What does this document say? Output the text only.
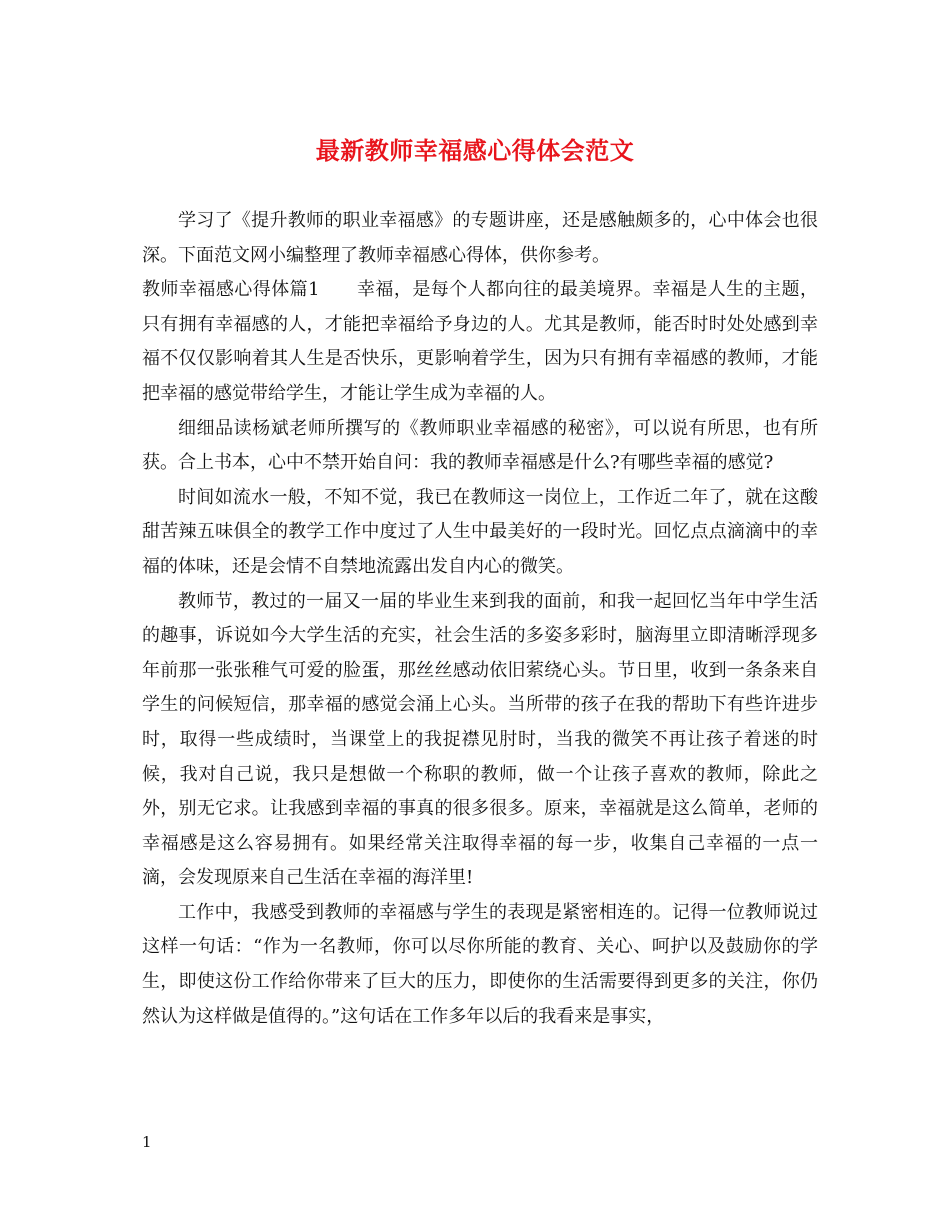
最新教师幸福感心得体会范文

学习了《提升教师的职业幸福感》的专题讲座，还是感触颇多的，心中体会也很深。下面范文网小编整理了教师幸福感心得体，供你参考。

教师幸福感心得体篇1　　幸福，是每个人都向往的最美境界。幸福是人生的主题，只有拥有幸福感的人，才能把幸福给予身边的人。尤其是教师，能否时时处处感到幸福不仅仅影响着其人生是否快乐，更影响着学生，因为只有拥有幸福感的教师，才能把幸福的感觉带给学生，才能让学生成为幸福的人。

细细品读杨斌老师所撰写的《教师职业幸福感的秘密》，可以说有所思，也有所获。合上书本，心中不禁开始自问：我的教师幸福感是什么?有哪些幸福的感觉?

时间如流水一般，不知不觉，我已在教师这一岗位上，工作近二年了，就在这酸甜苦辣五味俱全的教学工作中度过了人生中最美好的一段时光。回忆点点滴滴中的幸福的体味，还是会情不自禁地流露出发自内心的微笑。

教师节，教过的一届又一届的毕业生来到我的面前，和我一起回忆当年中学生活的趣事，诉说如今大学生活的充实，社会生活的多姿多彩时，脑海里立即清晰浮现多年前那一张张稚气可爱的脸蛋，那丝丝感动依旧萦绕心头。节日里，收到一条条来自学生的问候短信，那幸福的感觉会涌上心头。当所带的孩子在我的帮助下有些许进步时，取得一些成绩时，当课堂上的我捉襟见肘时，当我的微笑不再让孩子着迷的时候，我对自己说，我只是想做一个称职的教师，做一个让孩子喜欢的教师，除此之外，别无它求。让我感到幸福的事真的很多很多。原来，幸福就是这么简单，老师的幸福感是这么容易拥有。如果经常关注取得幸福的每一步，收集自己幸福的一点一滴，会发现原来自己生活在幸福的海洋里!

工作中，我感受到教师的幸福感与学生的表现是紧密相连的。记得一位教师说过这样一句话：“作为一名教师，你可以尽你所能的教育、关心、呵护以及鼓励你的学生，即使这份工作给你带来了巨大的压力，即使你的生活需要得到更多的关注，你仍然认为这样做是值得的。”这句话在工作多年以后的我看来是事实，

1
